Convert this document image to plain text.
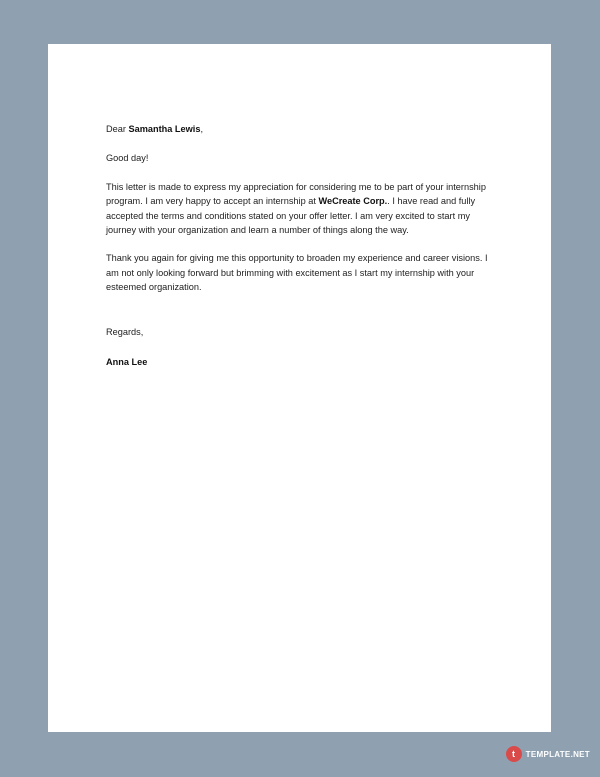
Dear Samantha Lewis,

Good day!

This letter is made to express my appreciation for considering me to be part of your internship program. I am very happy to accept an internship at WeCreate Corp.. I have read and fully accepted the terms and conditions stated on your offer letter. I am very excited to start my journey with your organization and learn a number of things along the way.

Thank you again for giving me this opportunity to broaden my experience and career visions. I am not only looking forward but brimming with excitement as I start my internship with your esteemed organization.

Regards,

Anna Lee

t	TEMPLATE.NET
